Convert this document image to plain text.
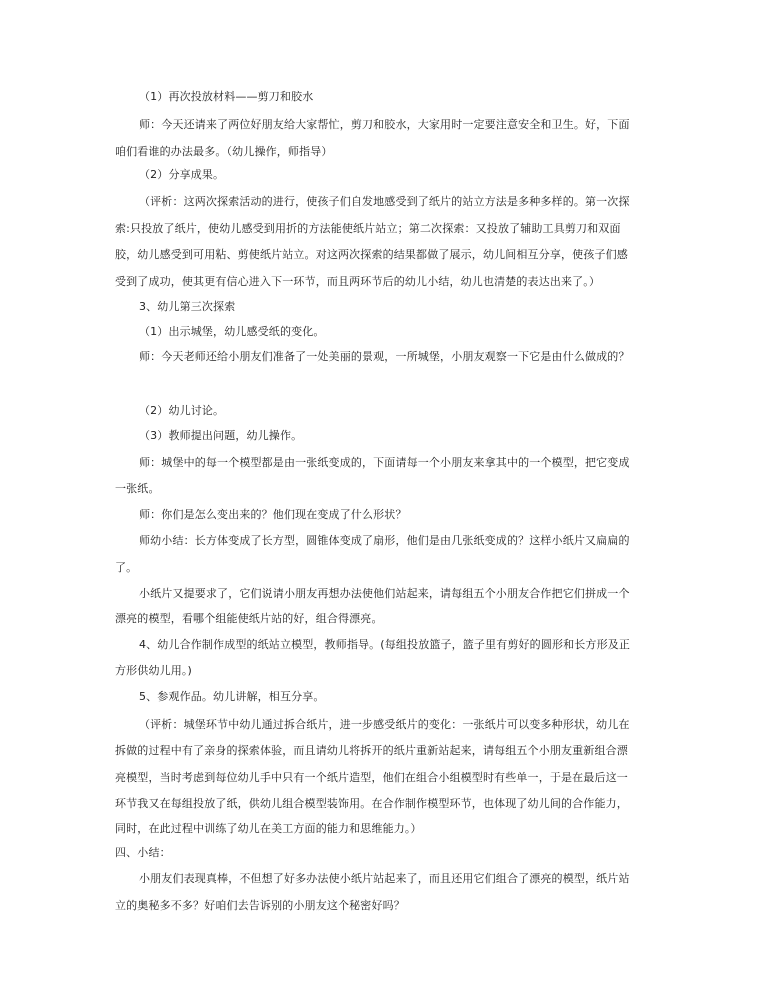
（1）再次投放材料——剪刀和胶水
师：今天还请来了两位好朋友给大家帮忙，剪刀和胶水，大家用时一定要注意安全和卫生。好，下面
咱们看谁的办法最多。（幼儿操作，师指导）
（2）分享成果。
（评析：这两次探索活动的进行，使孩子们自发地感受到了纸片的站立方法是多种多样的。第一次探
索:只投放了纸片，使幼儿感受到用折的方法能使纸片站立；第二次探索：又投放了辅助工具剪刀和双面
胶，幼儿感受到可用粘、剪使纸片站立。对这两次探索的结果都做了展示，幼儿间相互分享，使孩子们感
受到了成功，使其更有信心进入下一环节，而且两环节后的幼儿小结，幼儿也清楚的表达出来了。）
3、幼儿第三次探索
（1）出示城堡，幼儿感受纸的变化。
师：今天老师还给小朋友们准备了一处美丽的景观，一所城堡，小朋友观察一下它是由什么做成的？
（2）幼儿讨论。
（3）教师提出问题，幼儿操作。
师：城堡中的每一个模型都是由一张纸变成的，下面请每一个小朋友来拿其中的一个模型，把它变成
一张纸。
师：你们是怎么变出来的？他们现在变成了什么形状？
师幼小结：长方体变成了长方型，圆锥体变成了扇形，他们是由几张纸变成的？这样小纸片又扁扁的
了。
小纸片又提要求了，它们说请小朋友再想办法使他们站起来，请每组五个小朋友合作把它们拼成一个
漂亮的模型，看哪个组能使纸片站的好，组合得漂亮。
4、幼儿合作制作成型的纸站立模型，教师指导。(每组投放篮子，篮子里有剪好的圆形和长方形及正
方形供幼儿用。)
5、参观作品。幼儿讲解，相互分享。
（评析：城堡环节中幼儿通过拆合纸片，进一步感受纸片的变化：一张纸片可以变多种形状，幼儿在
拆做的过程中有了亲身的探索体验，而且请幼儿将拆开的纸片重新站起来，请每组五个小朋友重新组合漂
亮模型，当时考虑到每位幼儿手中只有一个纸片造型，他们在组合小组模型时有些单一，于是在最后这一
环节我又在每组投放了纸，供幼儿组合模型装饰用。在合作制作模型环节，也体现了幼儿间的合作能力，
同时，在此过程中训练了幼儿在美工方面的能力和思维能力。）
四、小结：
小朋友们表现真棒，不但想了好多办法使小纸片站起来了，而且还用它们组合了漂亮的模型，纸片站
立的奥秘多不多？好咱们去告诉别的小朋友这个秘密好吗？
